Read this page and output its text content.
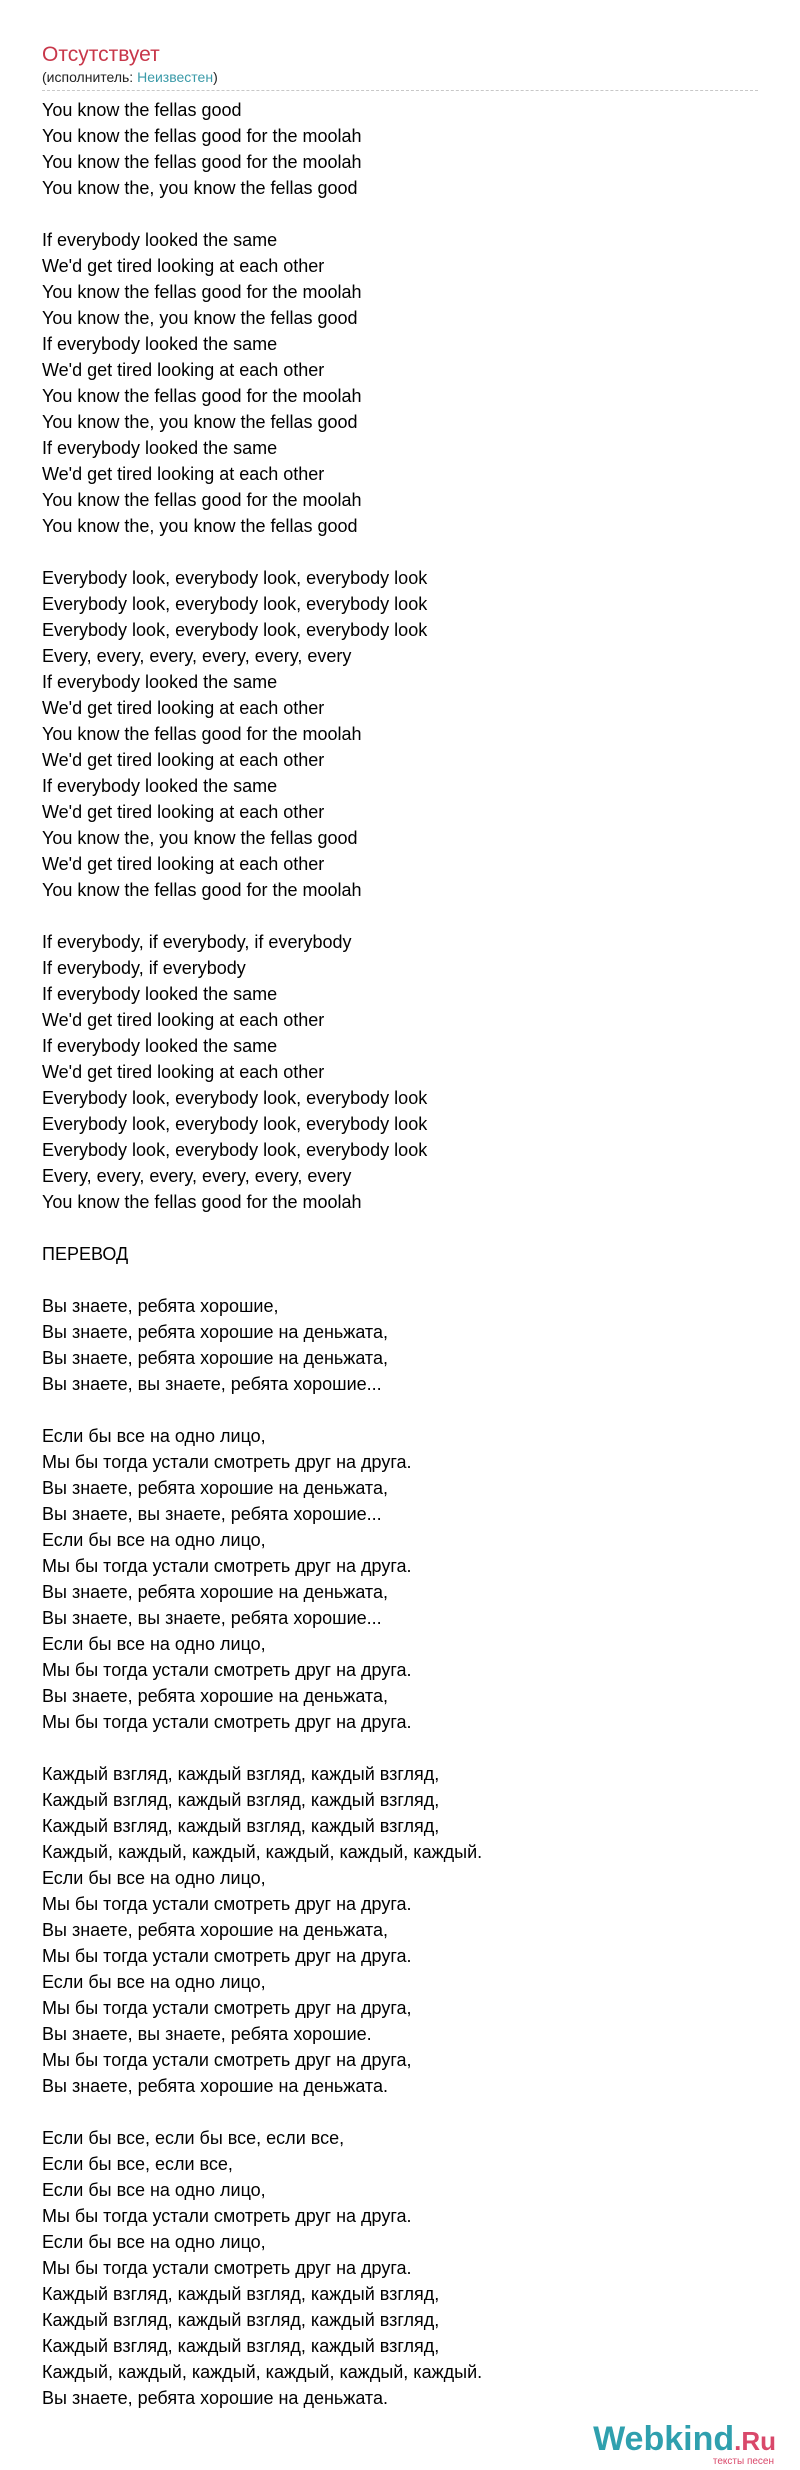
Отсутствует

(исполнитель: Неизвестен)

You know the fellas good
You know the fellas good for the moolah
You know the fellas good for the moolah
You know the, you know the fellas good
If everybody looked the same
We'd get tired looking at each other
You know the fellas good for the moolah
You know the, you know the fellas good
If everybody looked the same
We'd get tired looking at each other
You know the fellas good for the moolah
You know the, you know the fellas good
If everybody looked the same
We'd get tired looking at each other
You know the fellas good for the moolah
You know the, you know the fellas good
Everybody look, everybody look, everybody look
Everybody look, everybody look, everybody look
Everybody look, everybody look, everybody look
Every, every, every, every, every, every
If everybody looked the same
We'd get tired looking at each other
You know the fellas good for the moolah
We'd get tired looking at each other
If everybody looked the same
We'd get tired looking at each other
You know the, you know the fellas good
We'd get tired looking at each other
You know the fellas good for the moolah
If everybody, if everybody, if everybody
If everybody, if everybody
If everybody looked the same
We'd get tired looking at each other
If everybody looked the same
We'd get tired looking at each other
Everybody look, everybody look, everybody look
Everybody look, everybody look, everybody look
Everybody look, everybody look, everybody look
Every, every, every, every, every, every
You know the fellas good for the moolah
ПЕРЕВОД
Вы знаете, ребята хорошие,
Вы знаете, ребята хорошие на деньжата,
Вы знаете, ребята хорошие на деньжата,
Вы знаете, вы знаете, ребята хорошие...
Если бы все на одно лицо,
Мы бы тогда устали смотреть друг на друга.
Вы знаете, ребята хорошие на деньжата,
Вы знаете, вы знаете, ребята хорошие...
Если бы все на одно лицо,
Мы бы тогда устали смотреть друг на друга.
Вы знаете, ребята хорошие на деньжата,
Вы знаете, вы знаете, ребята хорошие...
Если бы все на одно лицо,
Мы бы тогда устали смотреть друг на друга.
Вы знаете, ребята хорошие на деньжата,
Мы бы тогда устали смотреть друг на друга.
Каждый взгляд, каждый взгляд, каждый взгляд,
Каждый взгляд, каждый взгляд, каждый взгляд,
Каждый взгляд, каждый взгляд, каждый взгляд,
Каждый, каждый, каждый, каждый, каждый, каждый.
Если бы все на одно лицо,
Мы бы тогда устали смотреть друг на друга.
Вы знаете, ребята хорошие на деньжата,
Мы бы тогда устали смотреть друг на друга.
Если бы все на одно лицо,
Мы бы тогда устали смотреть друг на друга,
Вы знаете, вы знаете, ребята хорошие.
Мы бы тогда устали смотреть друг на друга,
Вы знаете, ребята хорошие на деньжата.
Если бы все, если бы все, если все,
Если бы все, если все,
Если бы все на одно лицо,
Мы бы тогда устали смотреть друг на друга.
Если бы все на одно лицо,
Мы бы тогда устали смотреть друг на друга.
Каждый взгляд, каждый взгляд, каждый взгляд,
Каждый взгляд, каждый взгляд, каждый взгляд,
Каждый взгляд, каждый взгляд, каждый взгляд,
Каждый, каждый, каждый, каждый, каждый, каждый.
Вы знаете, ребята хорошие на деньжата.
Webkind.Ru
тексты песен
